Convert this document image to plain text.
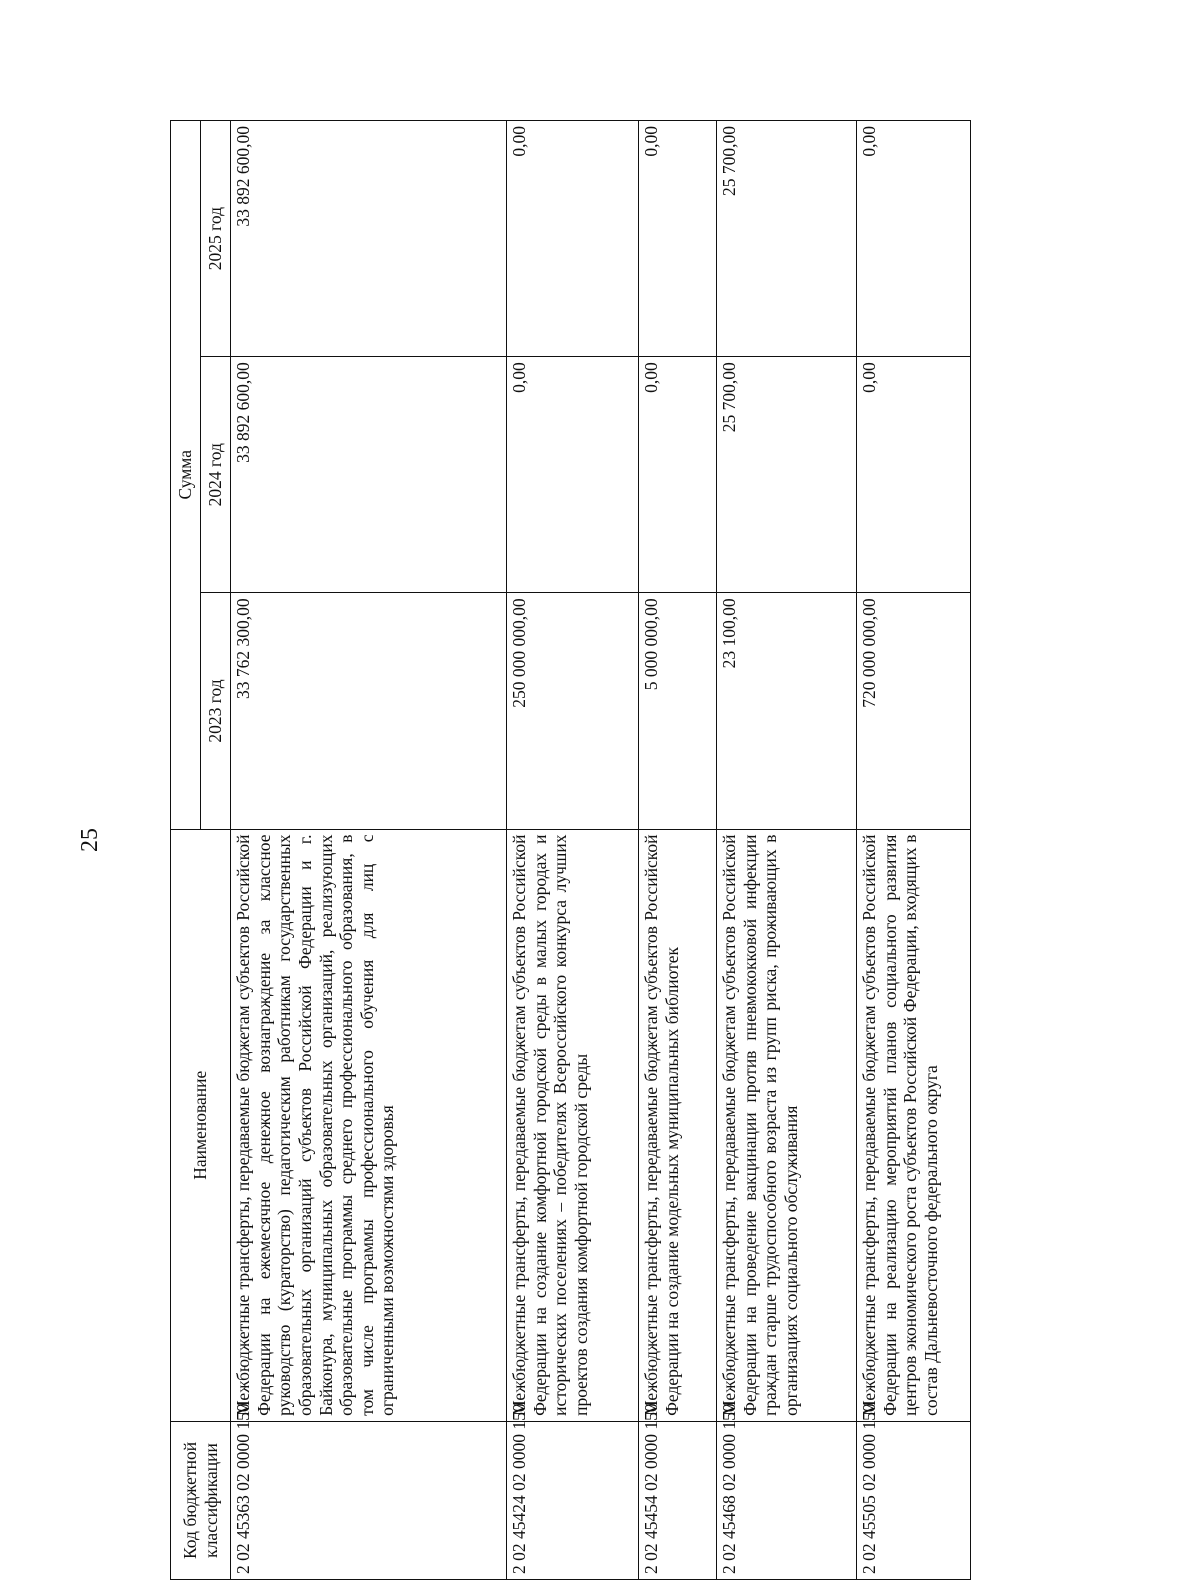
25
Код бюджетной классификации	Наименование	Сумма		
		2023 год	2024 год	2025 год
2 02 45363 02 0000 150	Межбюджетные трансферты, передаваемые бюджетам субъектов Российской Федерации на ежемесячное денежное вознаграждение за классное руководство (кураторство) педагогическим работникам государственных образовательных организаций субъектов Российской Федерации и г. Байконура, муниципальных образовательных организаций, реализующих образовательные программы среднего профессионального образования, в том числе программы профессионального обучения для лиц с ограниченными возможностями здоровья	33 762 300,00	33 892 600,00	33 892 600,00
2 02 45424 02 0000 150	Межбюджетные трансферты, передаваемые бюджетам субъектов Российской Федерации на создание комфортной городской среды в малых городах и исторических поселениях – победителях Всероссийского конкурса лучших проектов создания комфортной городской среды	250 000 000,00	0,00	0,00
2 02 45454 02 0000 150	Межбюджетные трансферты, передаваемые бюджетам субъектов Российской Федерации на создание модельных муниципальных библиотек	5 000 000,00	0,00	0,00
2 02 45468 02 0000 150	Межбюджетные трансферты, передаваемые бюджетам субъектов Российской Федерации на проведение вакцинации против пневмококковой инфекции граждан старше трудоспособного возраста из групп риска, проживающих в организациях социального обслуживания	23 100,00	25 700,00	25 700,00
2 02 45505 02 0000 150	Межбюджетные трансферты, передаваемые бюджетам субъектов Российской Федерации на реализацию мероприятий планов социального развития центров экономического роста субъектов Российской Федерации, входящих в состав Дальневосточного федерального округа	720 000 000,00	0,00	0,00
